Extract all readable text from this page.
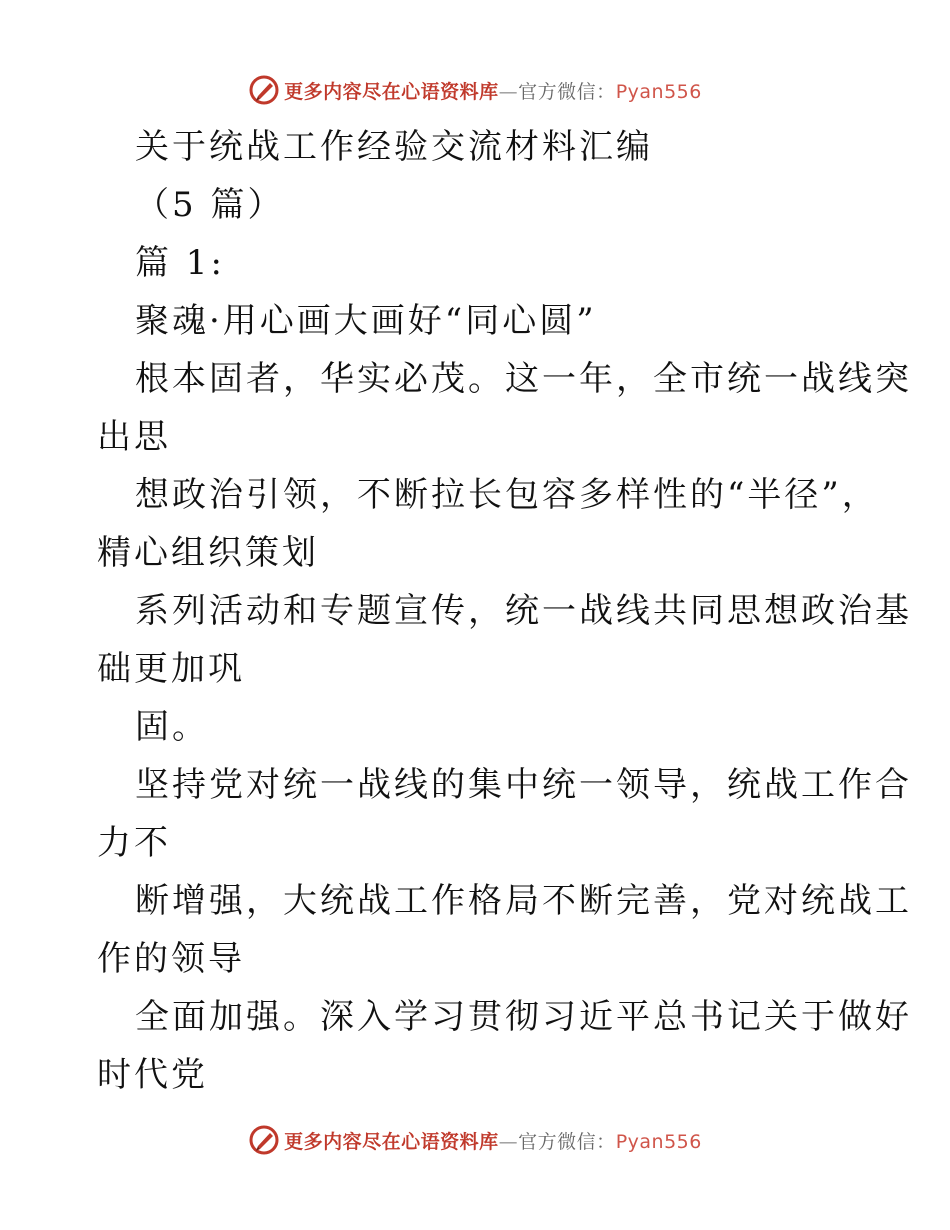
更多内容尽在心语资料库—官方微信：Pyan556
关于统战工作经验交流材料汇编
（5 篇）
篇 1:
聚魂·用心画大画好“同心圆”
根本固者，华实必茂。这一年，全市统一战线突
出思
想政治引领，不断拉长包容多样性的“半径”，
精心组织策划
系列活动和专题宣传，统一战线共同思想政治基
础更加巩
固。
坚持党对统一战线的集中统一领导，统战工作合
力不
断增强，大统战工作格局不断完善，党对统战工
作的领导
全面加强。深入学习贯彻习近平总书记关于做好
时代党
更多内容尽在心语资料库—官方微信：Pyan556
